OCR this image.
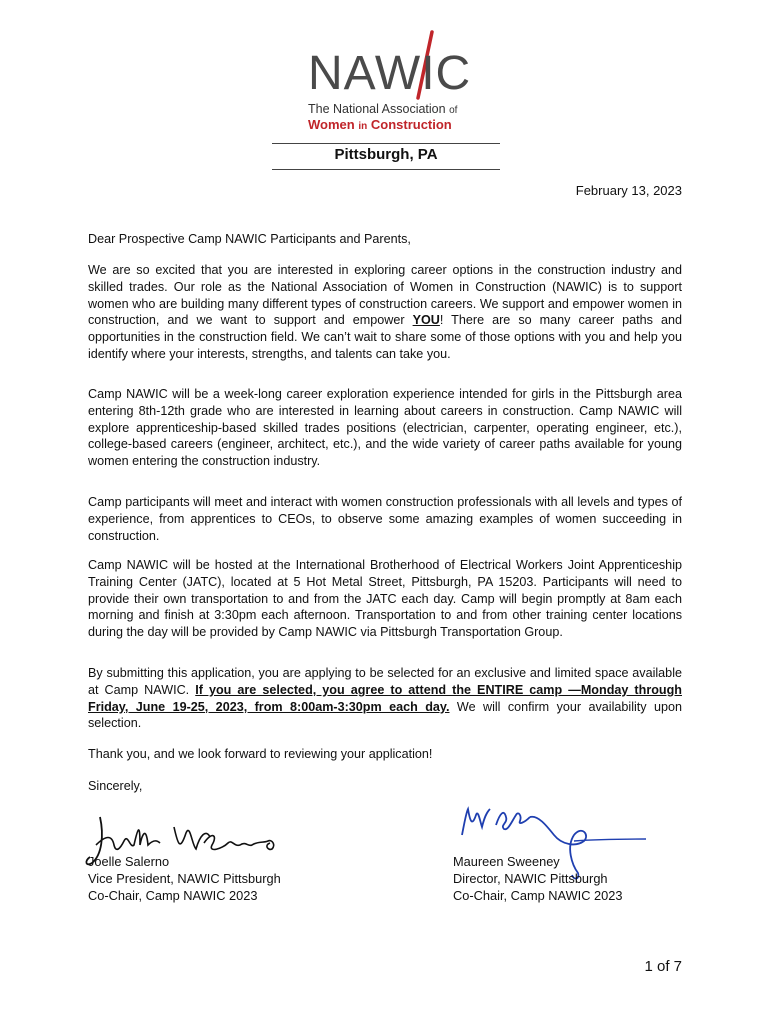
NAWIC
The National Association of
Women in Construction
Pittsburgh, PA
February 13, 2023
Dear Prospective Camp NAWIC Participants and Parents,
We are so excited that you are interested in exploring career options in the construction industry and skilled trades. Our role as the National Association of Women in Construction (NAWIC) is to support women who are building many different types of construction careers. We support and empower women in construction, and we want to support and empower YOU! There are so many career paths and opportunities in the construction field. We can’t wait to share some of those options with you and help you identify where your interests, strengths, and talents can take you.
Camp NAWIC will be a week-long career exploration experience intended for girls in the Pittsburgh area entering 8th-12th grade who are interested in learning about careers in construction. Camp NAWIC will explore apprenticeship-based skilled trades positions (electrician, carpenter, operating engineer, etc.), college-based careers (engineer, architect, etc.), and the wide variety of career paths available for young women entering the construction industry.
Camp participants will meet and interact with women construction professionals with all levels and types of experience, from apprentices to CEOs, to observe some amazing examples of women succeeding in construction.
Camp NAWIC will be hosted at the International Brotherhood of Electrical Workers Joint Apprenticeship Training Center (JATC), located at 5 Hot Metal Street, Pittsburgh, PA 15203. Participants will need to provide their own transportation to and from the JATC each day. Camp will begin promptly at 8am each morning and finish at 3:30pm each afternoon. Transportation to and from other training center locations during the day will be provided by Camp NAWIC via Pittsburgh Transportation Group.
By submitting this application, you are applying to be selected for an exclusive and limited space available at Camp NAWIC. If you are selected, you agree to attend the ENTIRE camp —Monday through Friday, June 19-25, 2023, from 8:00am-3:30pm each day. We will confirm your availability upon selection.
Thank you, and we look forward to reviewing your application!
Sincerely,
Joelle Salerno
Vice President, NAWIC Pittsburgh
Co-Chair, Camp NAWIC 2023
Maureen Sweeney
Director, NAWIC Pittsburgh
Co-Chair, Camp NAWIC 2023
1 of 7
